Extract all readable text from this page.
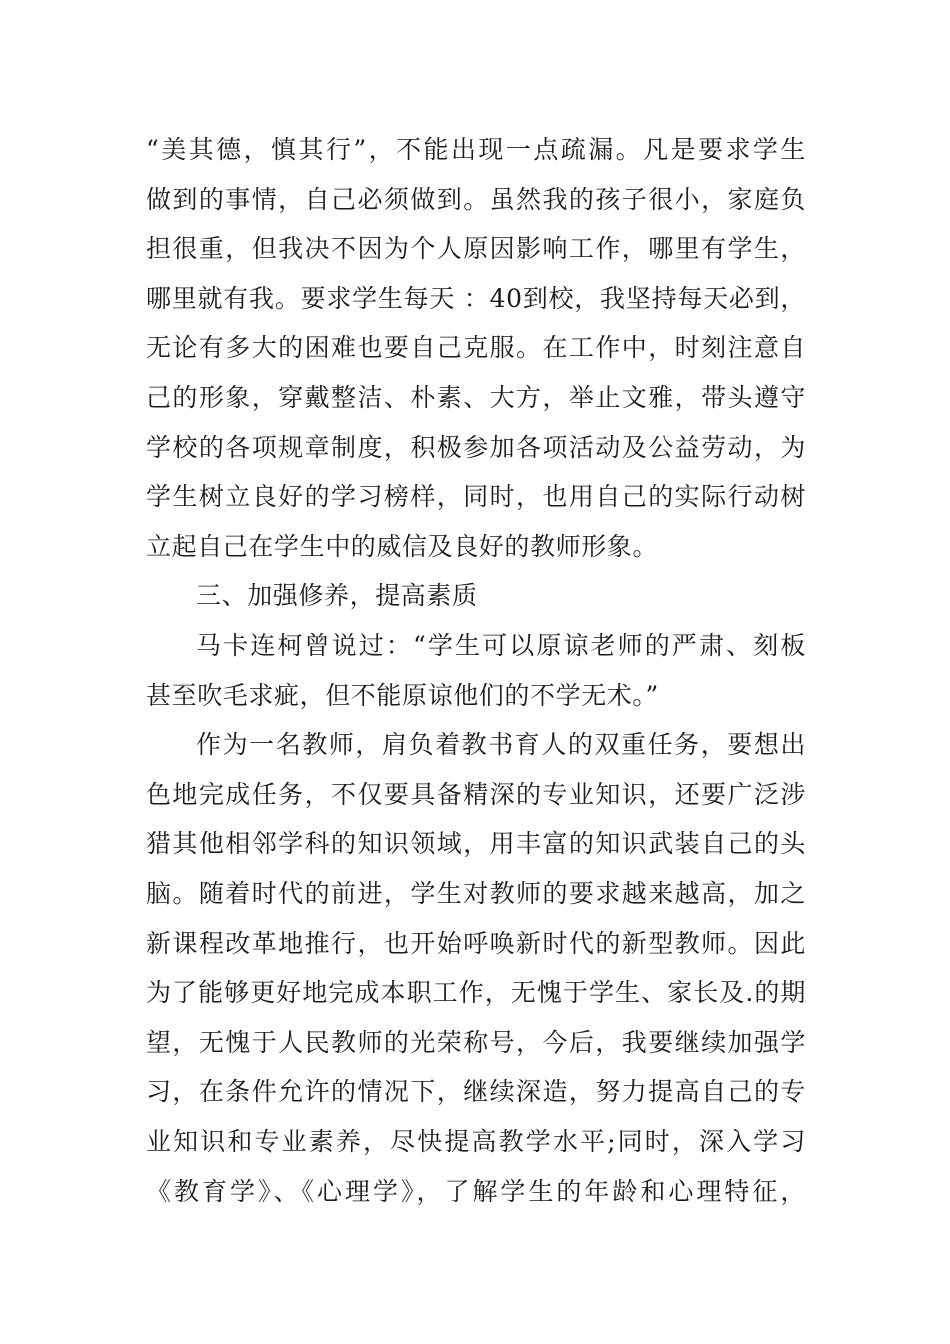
“美其德，慎其行”，不能出现一点疏漏。凡是要求学生
做到的事情，自己必须做到。虽然我的孩子很小，家庭负
担很重，但我决不因为个人原因影响工作，哪里有学生，
哪里就有我。要求学生每天 ：40到校，我坚持每天必到，
无论有多大的困难也要自己克服。在工作中，时刻注意自
己的形象，穿戴整洁、朴素、大方，举止文雅，带头遵守
学校的各项规章制度，积极参加各项活动及公益劳动，为
学生树立良好的学习榜样，同时，也用自己的实际行动树
立起自己在学生中的威信及良好的教师形象。
三、加强修养，提高素质
马卡连柯曾说过：“学生可以原谅老师的严肃、刻板
甚至吹毛求疵，但不能原谅他们的不学无术。”
作为一名教师，肩负着教书育人的双重任务，要想出
色地完成任务，不仅要具备精深的专业知识，还要广泛涉
猎其他相邻学科的知识领域，用丰富的知识武装自己的头
脑。随着时代的前进，学生对教师的要求越来越高，加之
新课程改革地推行，也开始呼唤新时代的新型教师。因此
为了能够更好地完成本职工作，无愧于学生、家长及.的期
望，无愧于人民教师的光荣称号，今后，我要继续加强学
习，在条件允许的情况下，继续深造，努力提高自己的专
业知识和专业素养，尽快提高教学水平;同时，深入学习
《教育学》、《心理学》，了解学生的年龄和心理特征，
